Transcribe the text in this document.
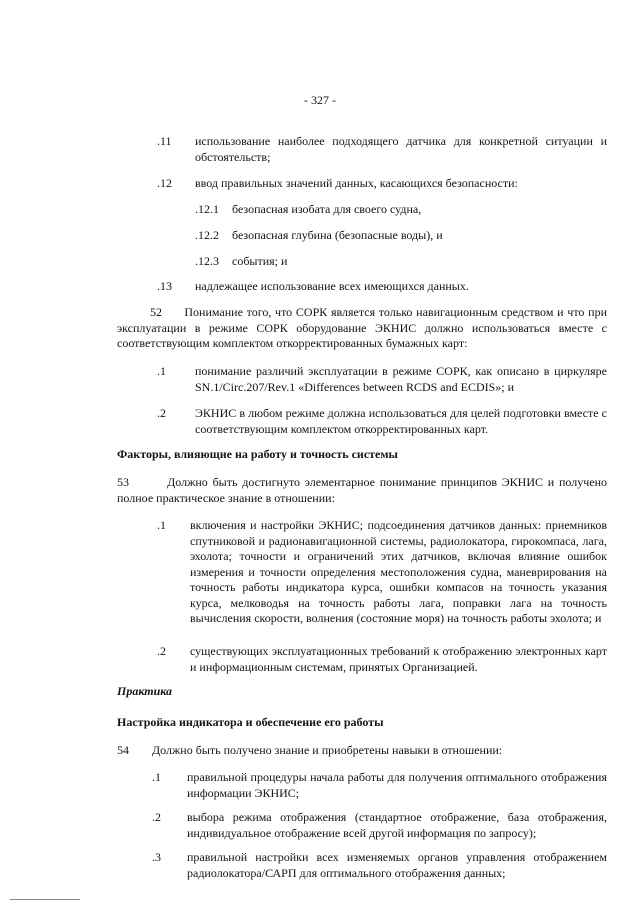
- 327 -
.11 использование наиболее подходящего датчика для конкретной ситуации и обстоятельств;
.12 ввод правильных значений данных, касающихся безопасности:
.12.1 безопасная изобата для своего судна,
.12.2 безопасная глубина (безопасные воды), и
.12.3 события; и
.13 надлежащее использование всех имеющихся данных.
52 Понимание того, что СОРК является только навигационным средством и что при эксплуатации в режиме СОРК оборудование ЭКНИС должно использоваться вместе с соответствующим комплектом откорректированных бумажных карт:
.1 понимание различий эксплуатации в режиме СОРК, как описано в циркуляре SN.1/Circ.207/Rev.1 «Differences between RCDS and ECDIS»; и
.2 ЭКНИС в любом режиме должна использоваться для целей подготовки вместе с соответствующим комплектом откорректированных карт.
Факторы, влияющие на работу и точность системы
53	Должно быть достигнуто элементарное понимание принципов ЭКНИС и получено полное практическое знание в отношении:
.1 включения и настройки ЭКНИС; подсоединения датчиков данных: приемников спутниковой и радионавигационной системы, радиолокатора, гирокомпаса, лага, эхолота; точности и ограничений этих датчиков, включая влияние ошибок измерения и точности определения местоположения судна, маневрирования на точность работы индикатора курса, ошибки компасов на точность указания курса, мелководья на точность работы лага, поправки лага на точность вычисления скорости, волнения (состояние моря) на точность работы эхолота; и
.2 существующих эксплуатационных требований к отображению электронных карт и информационным системам, принятых Организацией.
Практика
Настройка индикатора и обеспечение его работы
54 Должно быть получено знание и приобретены навыки в отношении:
.1 правильной процедуры начала работы для получения оптимального отображения информации ЭКНИС;
.2 выбора режима отображения (стандартное отображение, база отображения, индивидуальное отображение всей другой информация по запросу);
.3 правильной настройки всех изменяемых органов управления отображением радиолокатора/САРП для оптимального отображения данных;
